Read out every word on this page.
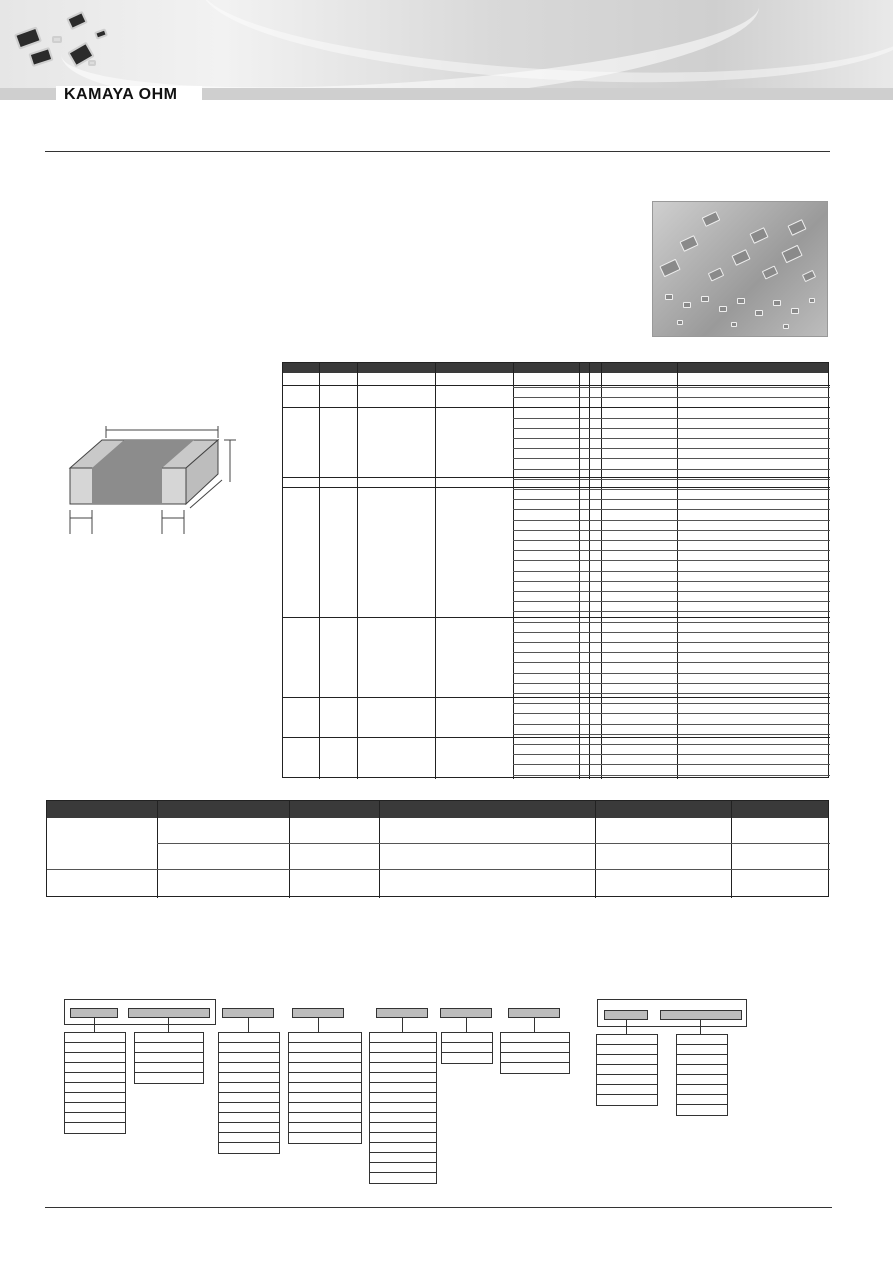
KAMAYA OHM
